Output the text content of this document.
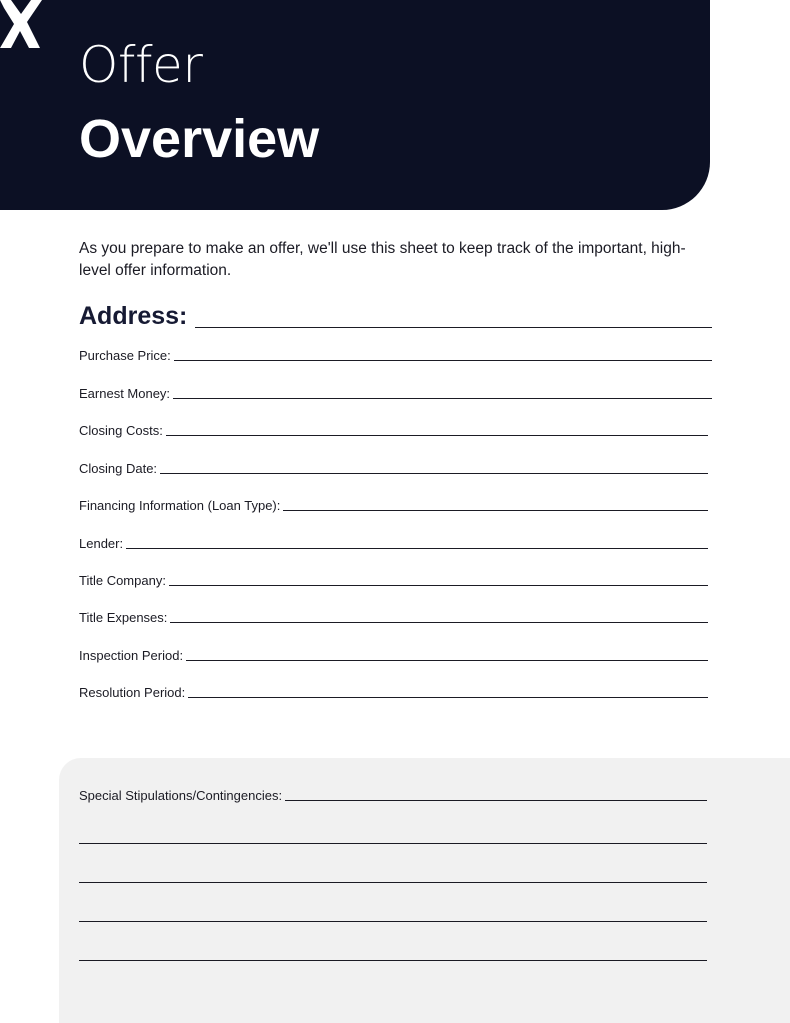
Offer
Overview
As you prepare to make an offer, we'll use this sheet to keep track of the important, high-level offer information.
Address:
Purchase Price:
Earnest Money:
Closing Costs:
Closing Date:
Financing Information (Loan Type):
Lender:
Title Company:
Title Expenses:
Inspection Period:
Resolution Period:
Special Stipulations/Contingencies:
